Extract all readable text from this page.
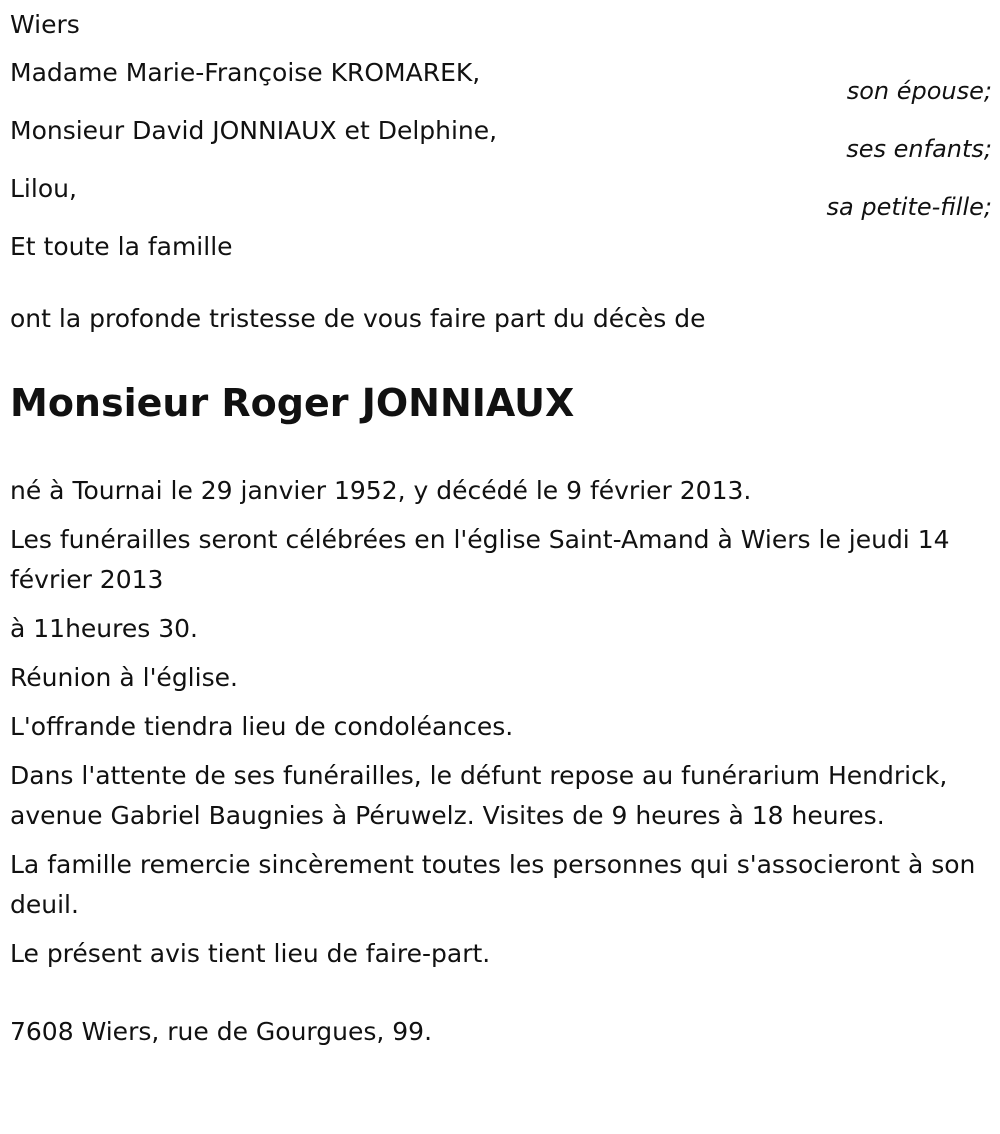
Wiers
Madame Marie-Françoise KROMAREK,
son épouse;
Monsieur David JONNIAUX et Delphine,
ses enfants;
Lilou,
sa petite-fille;
Et toute la famille
ont la profonde tristesse de vous faire part du décès de
Monsieur Roger JONNIAUX
né à Tournai le 29 janvier 1952, y décédé le 9 février 2013.
Les funérailles seront célébrées en l'église Saint-Amand à Wiers le jeudi 14 février 2013
à 11heures 30.
Réunion à l'église.
L'offrande tiendra lieu de condoléances.
Dans l'attente de ses funérailles, le défunt repose au funérarium Hendrick, avenue Gabriel Baugnies à Péruwelz. Visites de 9 heures à 18 heures.
La famille remercie sincèrement toutes les personnes qui s'associeront à son deuil.
Le présent avis tient lieu de faire-part.
7608 Wiers, rue de Gourgues, 99.
